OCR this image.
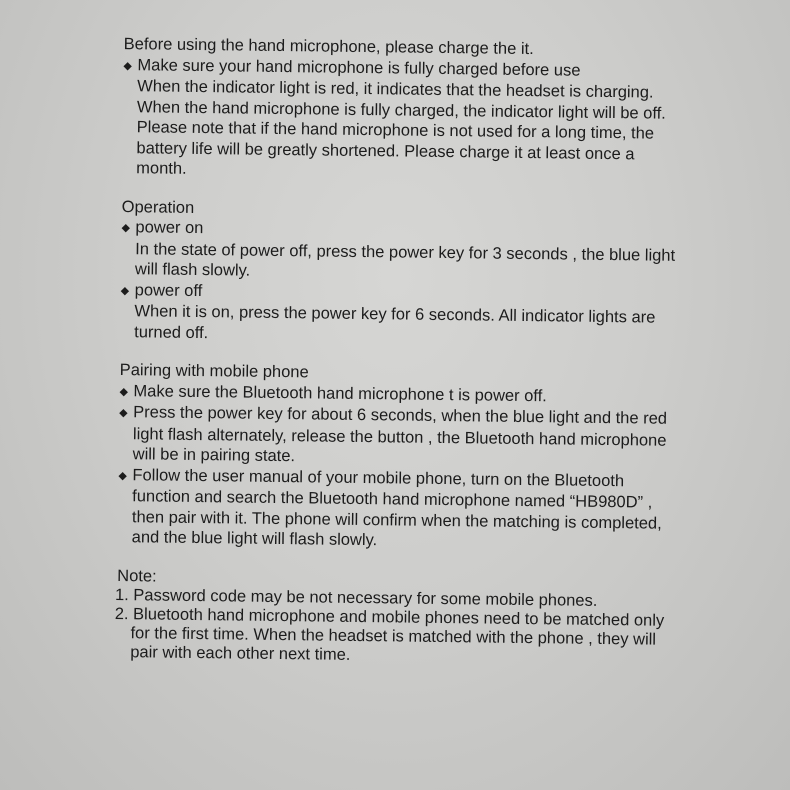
Before using the hand microphone, please charge the it.

◆ Make sure your hand microphone is fully charged before use

When the indicator light is red, it indicates that the headset is charging. When the hand microphone is fully charged, the indicator light will be off. Please note that if the hand microphone is not used for a long time, the battery life will be greatly shortened. Please charge it at least once a month.

Operation

◆ power on

In the state of power off, press the power key for 3 seconds , the blue light will flash slowly.

◆ power off

When it is on, press the power key for 6 seconds. All indicator lights are turned off.

Pairing with mobile phone

◆ Make sure the Bluetooth hand microphone t is power off.

◆ Press the power key for about 6 seconds, when the blue light and the red light flash alternately, release the button , the Bluetooth hand microphone will be in pairing state.

◆ Follow the user manual of your mobile phone, turn on the Bluetooth function and search the Bluetooth hand microphone named “HB980D” , then pair with it. The phone will confirm when the matching is completed, and the blue light will flash slowly.

Note:

1. Password code may be not necessary for some mobile phones.

2. Bluetooth hand microphone and mobile phones need to be matched only for the first time. When the headset is matched with the phone , they will pair with each other next time.
